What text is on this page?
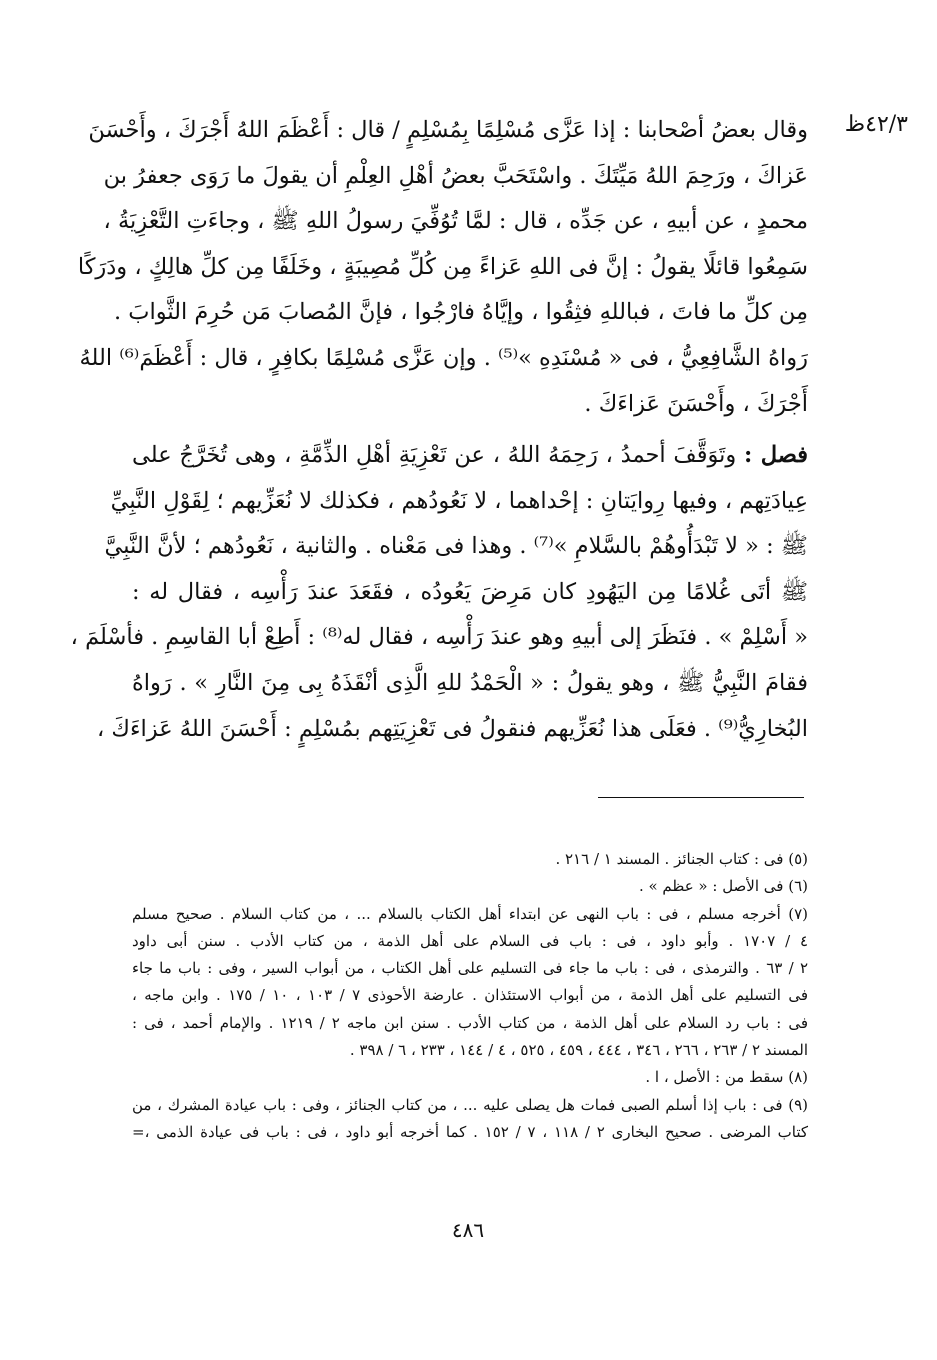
٤٢/٣ظ
وقال بعضُ أصْحابنا : إذا عَزَّى مُسْلِمًا بِمُسْلِمٍ / قال : أَعْظَمَ اللهُ أَجْرَكَ ، وأَحْسَنَ
عَزاكَ ، ورَحِمَ اللهُ مَيِّتَكَ . واسْتَحَبَّ بعضُ أهْلِ العِلْمِ أن يقولَ ما رَوَى جعفرُ بن
محمدٍ ، عن أبيهِ ، عن جَدِّه ، قال : لمَّا تُوُفِّيَ رسولُ اللهِ ﷺ ، وجاءَتِ التَّعْزِيَةُ ،
سَمِعُوا قائلًا يقولُ : إنَّ فى اللهِ عَزاءً مِن كُلِّ مُصِيبَةٍ ، وخَلَفًا مِن كلِّ هالِكٍ ، ودَرَكًا
مِن كلِّ ما فاتَ ، فباللهِ فثِقُوا ، وإيَّاهُ فارْجُوا ، فإنَّ المُصابَ مَن حُرِمَ الثَّوابَ .
رَواهُ الشَّافِعِيُّ ، فى « مُسْنَدِهِ »⁽⁵⁾ . وإن عَزَّى مُسْلِمًا بكافِرٍ ، قال : أَعْظَمَ⁽⁶⁾ اللهُ
أَجْرَكَ ، وأَحْسَنَ عَزاءَكَ .
فصل : وتَوَقَّفَ أحمدُ ، رَحِمَهُ اللهُ ، عن تَعْزِيَةِ أهْلِ الذِّمَّةِ ، وهى تُخَرَّجُ على
عِيادَتِهم ، وفيها رِوايَتانِ : إحْداهما ، لا نَعُودُهم ، فكذلك لا نُعَزِّيهم ؛ لِقَوْلِ النَّبِيِّ
ﷺ : « لا تَبْدَأُوهُمْ بالسَّلامِ »⁽⁷⁾ . وهذا فى مَعْناه . والثانية ، نَعُودُهم ؛ لأنَّ النَّبِيَّ
ﷺ أتَى غُلامًا مِن اليَهُودِ كان مَرِضَ يَعُودُه ، فقَعَدَ عندَ رَأْسِه ، فقال له :
« أَسْلِمْ » . فنَظَرَ إلى أبيهِ وهو عندَ رَأْسِه ، فقال له⁽⁸⁾ : أَطِعْ أبا القاسِمِ . فأسْلَمَ ،
فقامَ النَّبِيُّ ﷺ ، وهو يقولُ : « الْحَمْدُ للهِ الَّذِى أنْقَذَهُ بِى مِنَ النَّارِ » . رَواهُ
البُخارِيُّ⁽⁹⁾ . فعَلَى هذا نُعَزِّيهم فنقولُ فى تَعْزِيَتِهم بمُسْلِمٍ : أَحْسَنَ اللهُ عَزاءَكَ ،
(٥) فى : كتاب الجنائز . المسند ١ / ٢١٦ .
(٦) فى الأصل : « عظم » .
(٧) أخرجه مسلم ، فى : باب النهى عن ابتداء أهل الكتاب بالسلام ... ، من كتاب السلام . صحيح مسلم
٤ / ١٧٠٧ . وأبو داود ، فى : باب فى السلام على أهل الذمة ، من كتاب الأدب . سنن أبى داود
٢ / ٦٣ . والترمذى ، فى : باب ما جاء فى التسليم على أهل الكتاب ، من أبواب السير ، وفى : باب ما جاء
فى التسليم على أهل الذمة ، من أبواب الاستئذان . عارضة الأحوذى ٧ / ١٠٣ ، ١٠ / ١٧٥ . وابن ماجه ،
فى : باب رد السلام على أهل الذمة ، من كتاب الأدب . سنن ابن ماجه ٢ / ١٢١٩ . والإمام أحمد ، فى :
المسند ٢ / ٢٦٣ ، ٢٦٦ ، ٣٤٦ ، ٤٤٤ ، ٤٥٩ ، ٥٢٥ ، ٤ / ١٤٤ ، ٢٣٣ ، ٦ / ٣٩٨ .
(٨) سقط من : الأصل ، ا .
(٩) فى : باب إذا أسلم الصبى فمات هل يصلى عليه ... ، من كتاب الجنائز ، وفى : باب عيادة المشرك ، من
كتاب المرضى . صحيح البخارى ٢ / ١١٨ ، ٧ / ١٥٢ . كما أخرجه أبو داود ، فى : باب فى عيادة الذمى ،=
٤٨٦
